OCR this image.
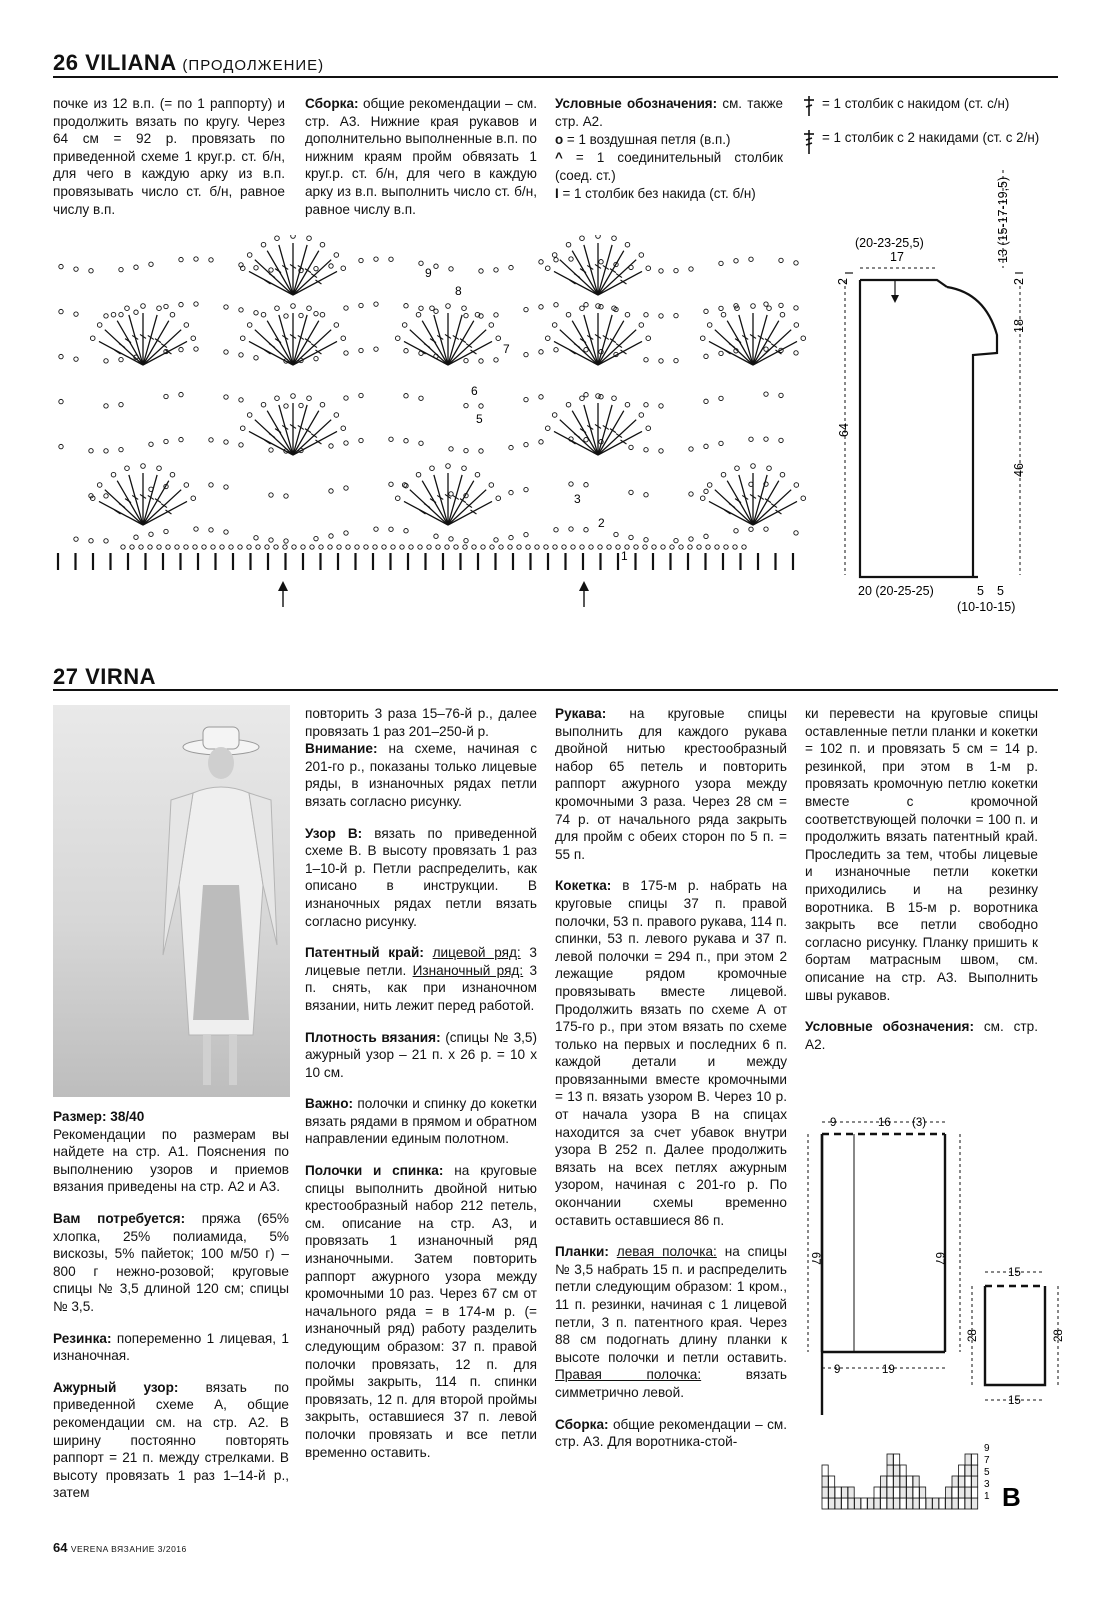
26 VILIANA (ПРОДОЛЖЕНИЕ)
почке из 12 в.п. (= по 1 раппорту) и продолжить вязать по кругу. Через 64 см = 92 р. провязать по приведенной схеме 1 круг.р. ст. б/н, для чего в каждую арку из в.п. провязывать число ст. б/н, равное числу в.п.
Сборка: общие рекомендации – см. стр. А3. Нижние края рукавов и дополнительно выполненные в.п. по нижним краям пройм обвязать 1 круг.р. ст. б/н, для чего в каждую арку из в.п. выполнить число ст. б/н, равное числу в.п.
Условные обозначения: см. также стр. А2.
o = 1 воздушная петля (в.п.)
^ = 1 соединительный столбик (соед. ст.)
I = 1 столбик без накида (ст. б/н)
= 1 столбик с накидом (ст. с/н)
= 1 столбик с 2 накидами (ст. с 2/н)
9
8
7
6
5
3
2
1
(20-23-25,5)
17	13 (15-17-19,5)
2	2
18
64
46
20 (20-25-25)	5 5
(10-10-15)
27 VIRNA

Размер: 38/40
Рекомендации по размерам вы найдете на стр. А1. Пояснения по выполнению узоров и приемов вязания приведены на стр. А2 и А3.

Вам потребуется: пряжа (65% хлопка, 25% полиамида, 5% вискозы, 5% пайеток; 100 м/50 г) – 800 г нежно-розовой; круговые спицы № 3,5 длиной 120 см; спицы № 3,5.

Резинка: попеременно 1 лицевая, 1 изнаночная.

Ажурный узор: вязать по приведенной схеме А, общие рекомендации см. на стр. А2. В ширину постоянно повторять раппорт = 21 п. между стрелками. В высоту провязать 1 раз 1–14-й р., затем

повторить 3 раза 15–76-й р., далее провязать 1 раз 201–250-й р.

Внимание: на схеме, начиная с 201-го р., показаны только лицевые ряды, в изнаночных рядах петли вязать согласно рисунку.

Узор В: вязать по приведенной схеме В. В высоту провязать 1 раз 1–10-й р. Петли распределить, как описано в инструкции. В изнаночных рядах петли вязать согласно рисунку.

Патентный край: лицевой ряд: 3 лицевые петли. Изнаночный ряд: 3 п. снять, как при изнаночном вязании, нить лежит перед работой.

Плотность вязания: (спицы № 3,5) ажурный узор – 21 п. х 26 р. = 10 х 10 см.

Важно: полочки и спинку до кокетки вязать рядами в прямом и обратном направлении единым полотном.

Полочки и спинка: на круговые спицы выполнить двойной нитью крестообразный набор 212 петель, см. описание на стр. А3, и провязать 1 изнаночный ряд изнаночными. Затем повторить раппорт ажурного узора между кромочными 10 раз. Через 67 см от начального ряда = в 174-м р. (= изнаночный ряд) работу разделить следующим образом: 37 п. правой полочки провязать, 12 п. для проймы закрыть, 114 п. спинки провязать, 12 п. для второй проймы закрыть, оставшиеся 37 п. левой полочки провязать и все петли временно оставить.

Рукава: на круговые спицы выполнить для каждого рукава двойной нитью крестообразный набор 65 петель и повторить раппорт ажурного узора между кромочными 3 раза. Через 28 см = 74 р. от начального ряда закрыть для пройм с обеих сторон по 5 п. = 55 п.

Кокетка: в 175-м р. набрать на круговые спицы 37 п. правой полочки, 53 п. правого рукава, 114 п. спинки, 53 п. левого рукава и 37 п. левой полочки = 294 п., при этом 2 лежащие рядом кромочные провязывать вместе лицевой. Продолжить вязать по схеме А от 175-го р., при этом вязать по схеме только на первых и последних 6 п. каждой детали и между провязанными вместе кромочными = 13 п. вязать узором В. Через 10 р. от начала узора В на спицах находится за счет убавок внутри узора В 252 п. Далее продолжить вязать на всех петлях ажурным узором, начиная с 201-го р. По окончании схемы временно оставить оставшиеся 86 п.

Планки: левая полочка: на спицы № 3,5 набрать 15 п. и распределить петли следующим образом: 1 кром., 11 п. резинки, начиная с 1 лицевой петли, 3 п. патентного края. Через 88 см подогнать длину планки к высоте полочки и петли оставить. Правая полочка: вязать симметрично левой.

Сборка: общие рекомендации – см. стр. А3. Для воротника-стой-

ки перевести на круговые спицы оставленные петли планки и кокетки = 102 п. и провязать 5 см = 14 р. резинкой, при этом в 1-м р. провязать кромочную петлю кокетки вместе с кромочной соответствующей полочки = 100 п. и продолжить вязать патентный край. Проследить за тем, чтобы лицевые и изнаночные петли кокетки приходились и на резинку воротника. В 15-м р. воротника закрыть все петли свободно согласно рисунку. Планку пришить к бортам матрасным швом, см. описание на стр. А3. Выполнить швы рукавов.

Условные обозначения: см. стр. А2.

9	16 (3)
67	67
9	19
15
28	28
15
9
7
5
3
1 B
64 VERENA ВЯЗАНИЕ 3/2016
